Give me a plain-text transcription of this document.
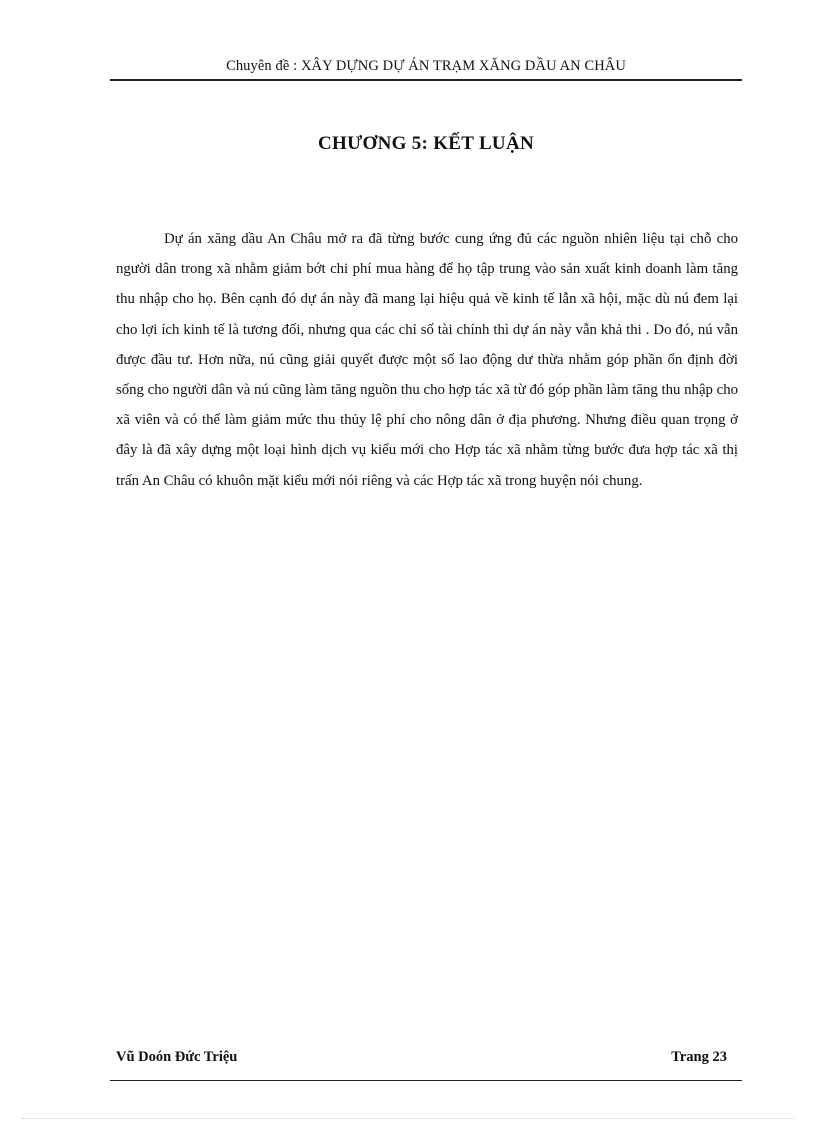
Chuyên đề : XÂY DỰNG DỰ ÁN TRẠM XĂNG DẦU AN CHÂU
CHƯƠNG 5: KẾT LUẬN

Dự án xăng dầu An Châu mở ra đã từng bước cung ứng đủ các nguồn nhiên liệu tại chỗ cho người dân trong xã nhằm giảm bớt chi phí mua hàng để họ tập trung vào sản xuất kinh doanh làm tăng thu nhập cho họ. Bên cạnh đó dự án này đã mang lại hiệu quả về kinh tế lẫn xã hội, mặc dù nú đem lại cho lợi ích kinh tế là tương đối, nhưng qua các chỉ số tài chính thì dự án này vẫn khả thi . Do đó, nú vẫn được đầu tư. Hơn nữa, nú cũng giải quyết được một số lao động dư thừa nhằm góp phần ổn định đời sống cho người dân và nú cũng làm tăng nguồn thu cho hợp tác xã từ đó góp phần làm tăng thu nhập cho xã viên và có thể làm giảm mức thu thủy lệ phí cho nông dân ở địa phương. Nhưng điều quan trọng ở đây là đã xây dựng một loại hình dịch vụ kiểu mới cho Hợp tác xã nhằm từng bước đưa hợp tác xã thị trấn An Châu có khuôn mặt kiểu mới nói riêng và các Hợp tác xã trong huyện nói chung.

Vũ Doón Đức Triệu	Trang 23
